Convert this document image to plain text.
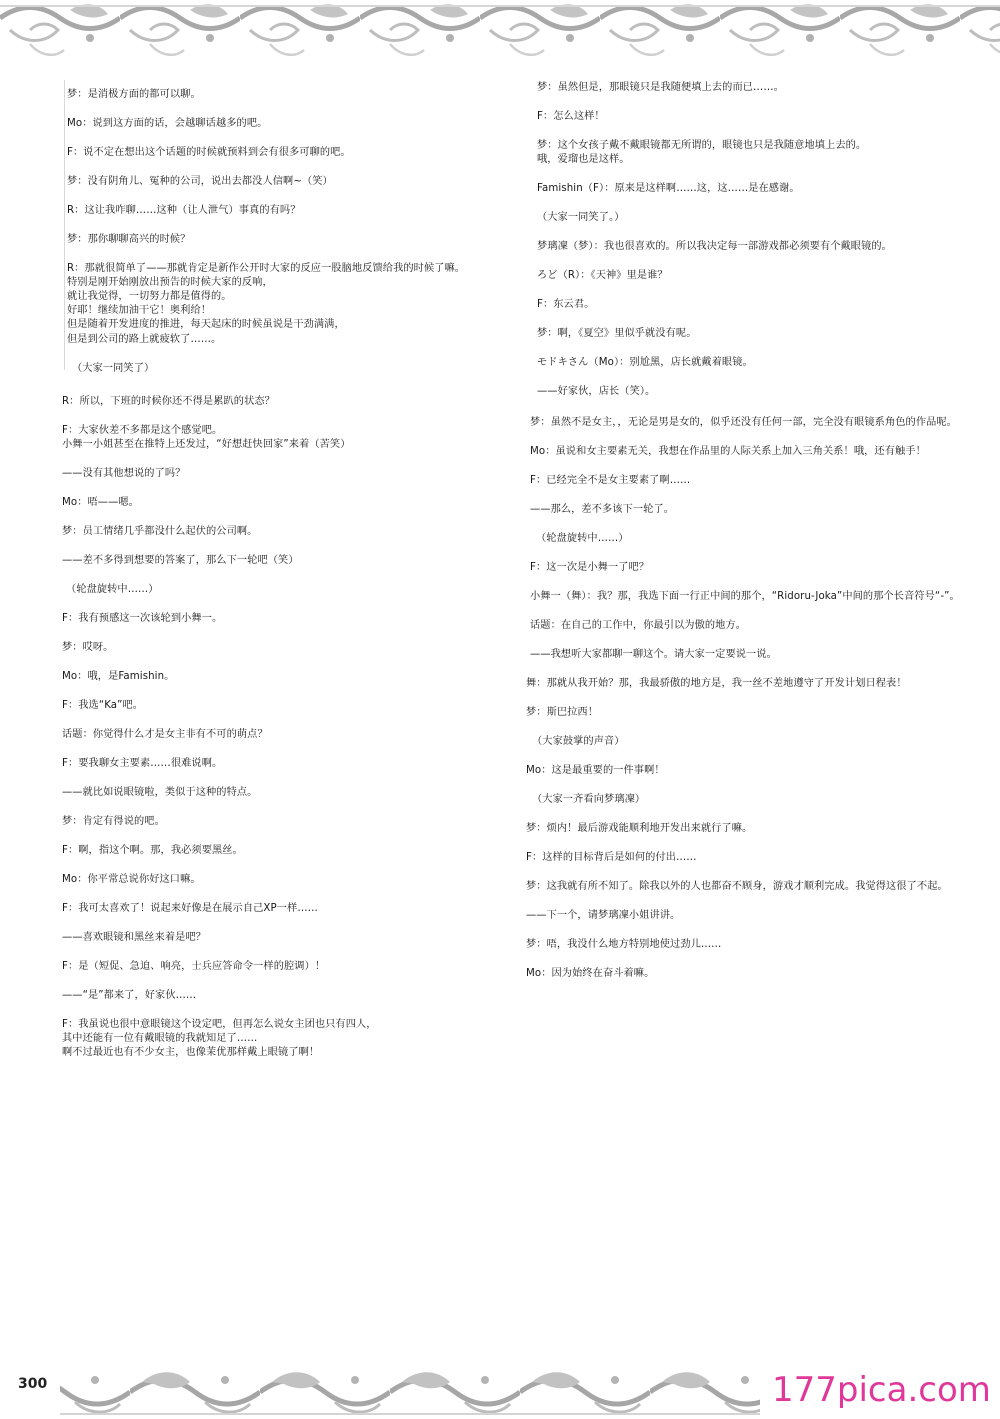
梦：是消极方面的都可以聊。
Mo：说到这方面的话，会越聊话越多的吧。
F：说不定在想出这个话题的时候就预料到会有很多可聊的吧。
梦：没有阴角儿、冤种的公司，说出去都没人信啊~（笑）
R：这让我咋聊……这种（让人泄气）事真的有吗？
梦：那你聊聊高兴的时候？
R：那就很简单了——那就肯定是新作公开时大家的反应一股脑地反馈给我的时候了嘛。
特别是刚开始刚放出预告的时候大家的反响，
就让我觉得，一切努力都是值得的。
好耶！继续加油干它！奥利给！
但是随着开发进度的推进，每天起床的时候虽说是干劲满满，
但是到公司的路上就疲软了……。
（大家一同笑了）
R：所以，下班的时候你还不得是累趴的状态？
F：大家伙差不多都是这个感觉吧。
小舞一小姐甚至在推特上还发过，“好想赶快回家”来着（苦笑）
——没有其他想说的了吗？
Mo：唔——嗯。
梦：员工情绪几乎都没什么起伏的公司啊。
——差不多得到想要的答案了，那么下一轮吧（笑）
（轮盘旋转中……）
F：我有预感这一次该轮到小舞一。
梦：哎呀。
Mo：哦，是Famishin。
F：我选“Ka”吧。
话题：你觉得什么才是女主非有不可的萌点？
F：要我聊女主要素……很难说啊。
——就比如说眼镜啦，类似于这种的特点。
梦：肯定有得说的吧。
F：啊，指这个啊。那，我必须要黑丝。
Mo：你平常总说你好这口嘛。
F：我可太喜欢了！说起来好像是在展示自己XP一样……
——喜欢眼镜和黑丝来着是吧？
F：是（短促、急迫、响亮，士兵应答命令一样的腔调）！
——“是”都来了，好家伙……
F：我虽说也很中意眼镜这个设定吧，但再怎么说女主团也只有四人，
其中还能有一位有戴眼镜的我就知足了……
啊不过最近也有不少女主，也像茉优那样戴上眼镜了啊！
梦：虽然但是，那眼镜只是我随便填上去的而已……。
F：怎么这样！
梦：这个女孩子戴不戴眼镜都无所谓的，眼镜也只是我随意地填上去的。
哦，爱瑠也是这样。
Famishin（F）：原来是这样啊……这，这……是在感谢。
（大家一同笑了。）
梦璃凜（梦）：我也很喜欢的。所以我决定每一部游戏都必须要有个戴眼镜的。
ろど（R）：《天神》里是谁？
F：东云君。
梦：啊，《夏空》里似乎就没有呢。
モドキさん（Mo）：别尬黑，店长就戴着眼镜。
——好家伙，店长（笑）。
梦：虽然不是女主，，无论是男是女的，似乎还没有任何一部，完全没有眼镜系角色的作品呢。
Mo：虽说和女主要素无关，我想在作品里的人际关系上加入三角关系！哦，还有触手！
F：已经完全不是女主要素了啊……
——那么，差不多该下一轮了。
（轮盘旋转中……）
F：这一次是小舞一了吧？
小舞一（舞）：我？那，我选下面一行正中间的那个，“Ridoru-Joka”中间的那个长音符号“-”。
话题：在自己的工作中，你最引以为傲的地方。
——我想听大家都聊一聊这个。请大家一定要说一说。
舞：那就从我开始？那，我最骄傲的地方是，我一丝不差地遵守了开发计划日程表！
梦：斯巴拉西！
（大家鼓掌的声音）
Mo：这是最重要的一件事啊！
（大家一齐看向梦璃凜）
梦：烦内！最后游戏能顺利地开发出来就行了嘛。
F：这样的目标背后是如何的付出……
梦：这我就有所不知了。除我以外的人也都奋不顾身，游戏才顺利完成。我觉得这很了不起。
——下一个，请梦璃凜小姐讲讲。
梦：唔，我没什么地方特别地使过劲儿……
Mo：因为始终在奋斗着嘛。
300	177pica.com
